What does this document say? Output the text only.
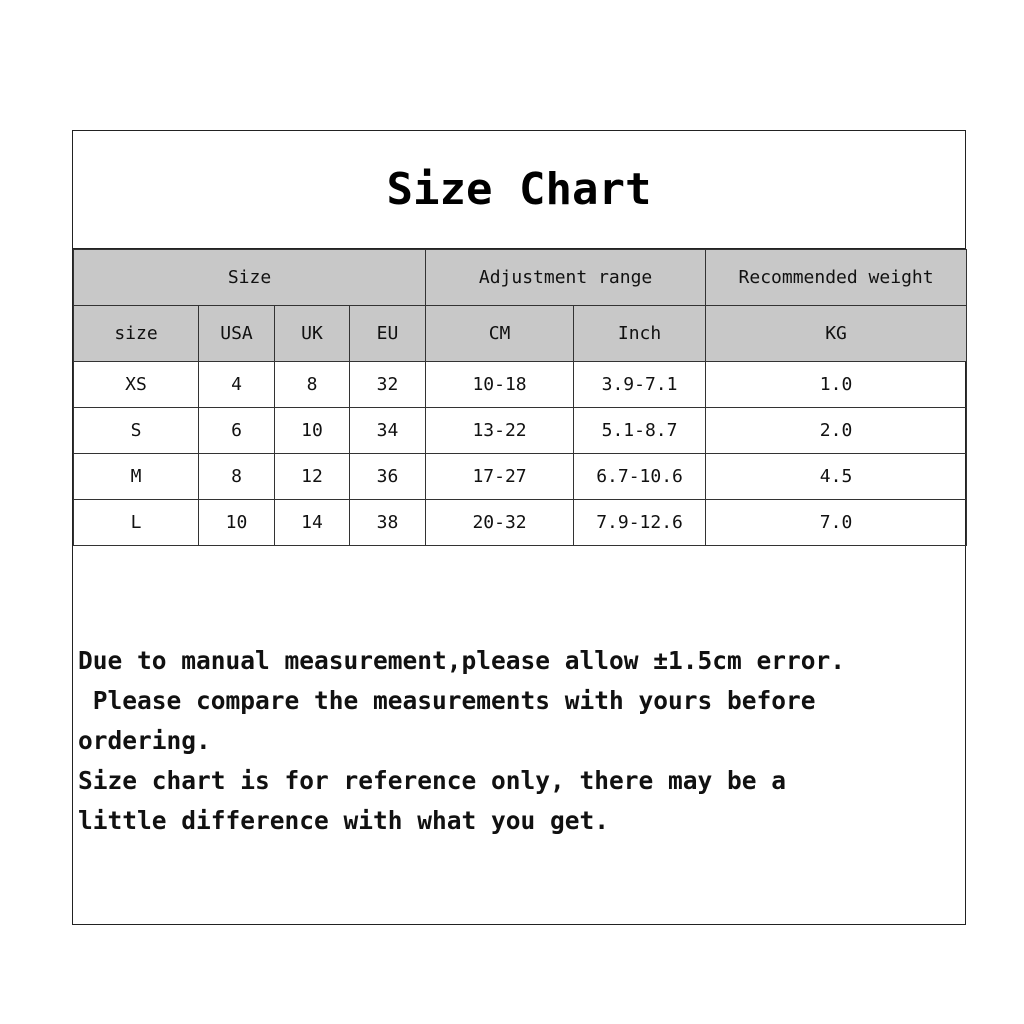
Size Chart
Size				Adjustment range		Recommended weight
size	USA	UK	EU	CM	Inch	KG
XS	4	8	32	10-18	3.9-7.1	1.0
S	6	10	34	13-22	5.1-8.7	2.0
M	8	12	36	17-27	6.7-10.6	4.5
L	10	14	38	20-32	7.9-12.6	7.0
Due to manual measurement,please allow ±1.5cm error.
Please compare the measurements with yours before
ordering.
Size chart is for reference only, there may be a
little difference with what you get.
